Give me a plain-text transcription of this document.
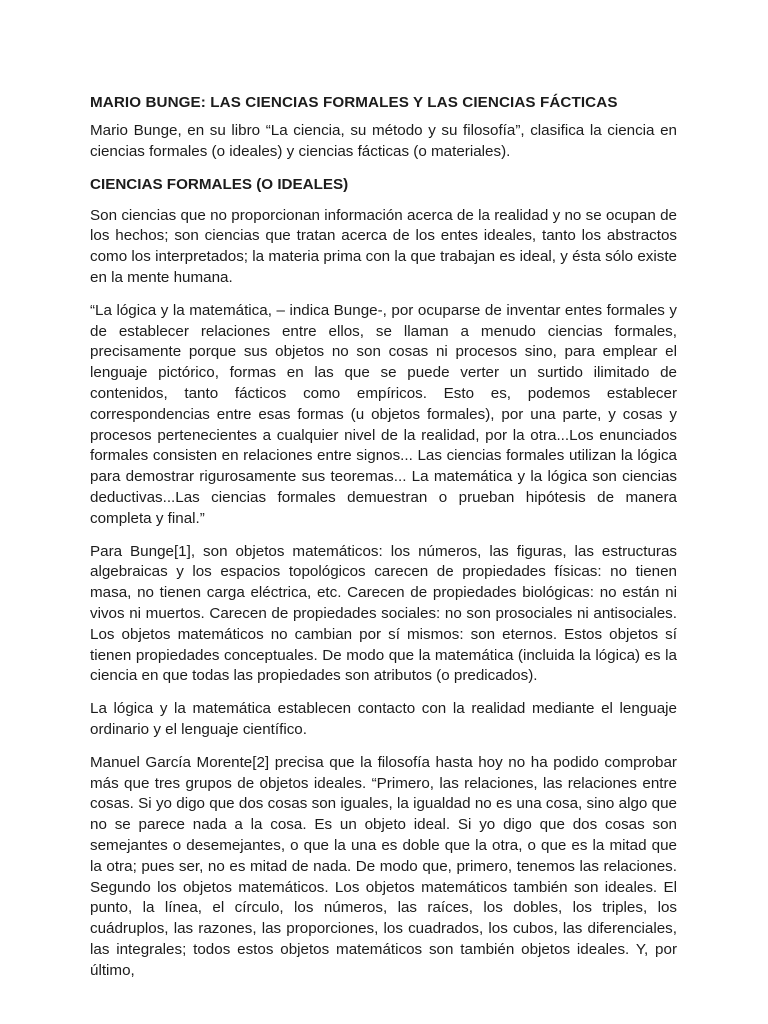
MARIO BUNGE: LAS CIENCIAS FORMALES Y LAS CIENCIAS FÁCTICAS

Mario Bunge, en su libro “La ciencia, su método y su filosofía”, clasifica la ciencia en ciencias formales (o ideales) y ciencias fácticas (o materiales).

CIENCIAS FORMALES (O IDEALES)

Son ciencias que no proporcionan información acerca de la realidad y no se ocupan de los hechos; son ciencias que tratan acerca de los entes ideales, tanto los abstractos como los interpretados; la materia prima con la que trabajan es ideal, y ésta sólo existe en la mente humana.

“La lógica y la matemática, – indica Bunge-, por ocuparse de inventar entes formales y de establecer relaciones entre ellos, se llaman a menudo ciencias formales, precisamente porque sus objetos no son cosas ni procesos sino, para emplear el lenguaje pictórico, formas en las que se puede verter un surtido ilimitado de contenidos, tanto fácticos como empíricos. Esto es, podemos establecer correspondencias entre esas formas (u objetos formales), por una parte, y cosas y procesos pertenecientes a cualquier nivel de la realidad, por la otra...Los enunciados formales consisten en relaciones entre signos... Las ciencias formales utilizan la lógica para demostrar rigurosamente sus teoremas... La matemática y la lógica son ciencias deductivas...Las ciencias formales demuestran o prueban hipótesis de manera completa y final.”

Para Bunge[1], son objetos matemáticos: los números, las figuras, las estructuras algebraicas y los espacios topológicos carecen de propiedades físicas: no tienen masa, no tienen carga eléctrica, etc. Carecen de propiedades biológicas: no están ni vivos ni muertos. Carecen de propiedades sociales: no son prosociales ni antisociales. Los objetos matemáticos no cambian por sí mismos: son eternos. Estos objetos sí tienen propiedades conceptuales. De modo que la matemática (incluida la lógica) es la ciencia en que todas las propiedades son atributos (o predicados).

La lógica y la matemática establecen contacto con la realidad mediante el lenguaje ordinario y el lenguaje científico.

Manuel García Morente[2] precisa que la filosofía hasta hoy no ha podido comprobar más que tres grupos de objetos ideales. “Primero, las relaciones, las relaciones entre cosas. Si yo digo que dos cosas son iguales, la igualdad no es una cosa, sino algo que no se parece nada a la cosa. Es un objeto ideal. Si yo digo que dos cosas son semejantes o desemejantes, o que la una es doble que la otra, o que es la mitad que la otra; pues ser, no es mitad de nada. De modo que, primero, tenemos las relaciones. Segundo los objetos matemáticos. Los objetos matemáticos también son ideales. El punto, la línea, el círculo, los números, las raíces, los dobles, los triples, los cuádruplos, las razones, las proporciones, los cuadrados, los cubos, las diferenciales, las integrales; todos estos objetos matemáticos son también objetos ideales. Y, por último,
